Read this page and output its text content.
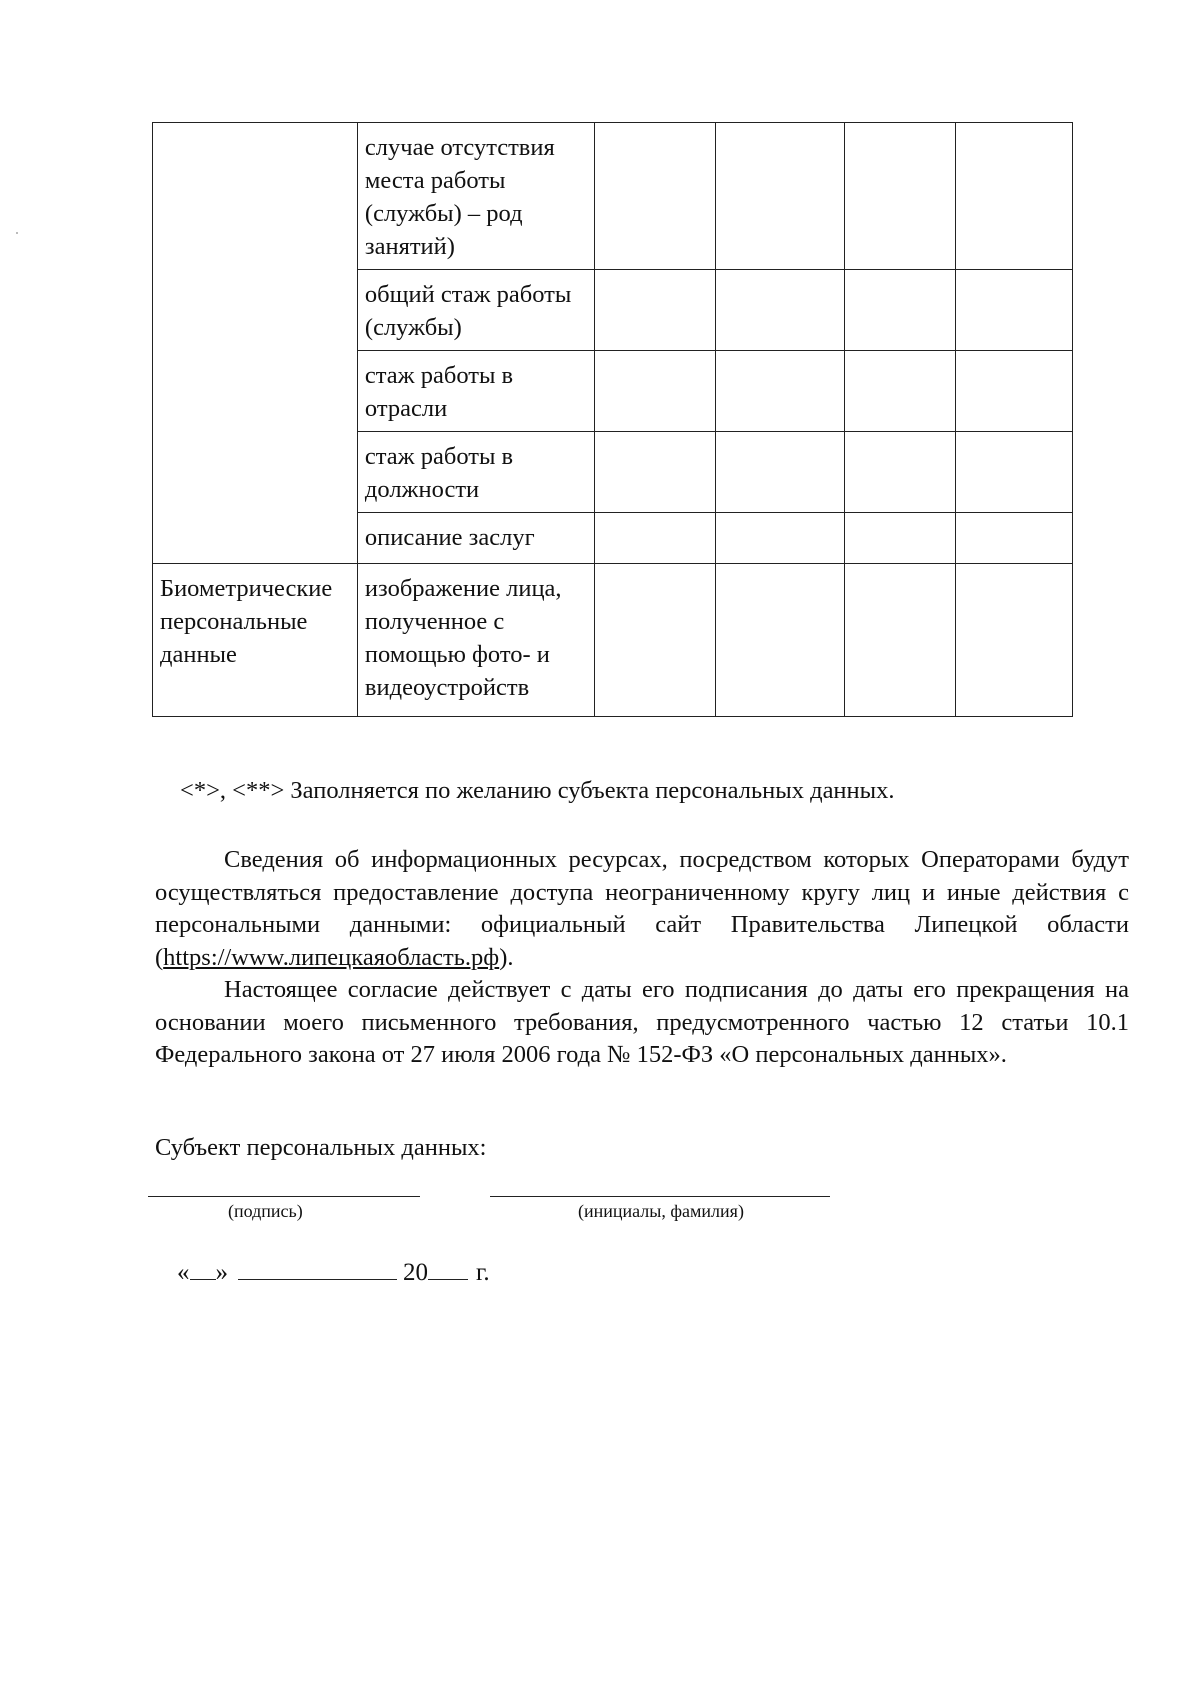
	случае отсутствия места работы (службы) – род занятий)				
	общий стаж работы (службы)				
	стаж работы в отрасли				
	стаж работы в должности				
	описание заслуг				
Биометрические персональные данные	изображение лица, полученное с помощью фото- и видеоустройств				
<*>, <**> Заполняется по желанию субъекта персональных данных.
Сведения об информационных ресурсах, посредством которых Операторами будут осуществляться предоставление доступа неограниченному кругу лиц и иные действия с персональными данными: официальный сайт Правительства Липецкой области (https://www.липецкаяобласть.рф).
Настоящее согласие действует с даты его подписания до даты его прекращения на основании моего письменного требования, предусмотренного частью 12 статьи 10.1 Федерального закона от 27 июля 2006 года № 152-ФЗ «О персональных данных».
Субъект персональных данных:
(подпись)	(инициалы, фамилия)
« »	20 г.
